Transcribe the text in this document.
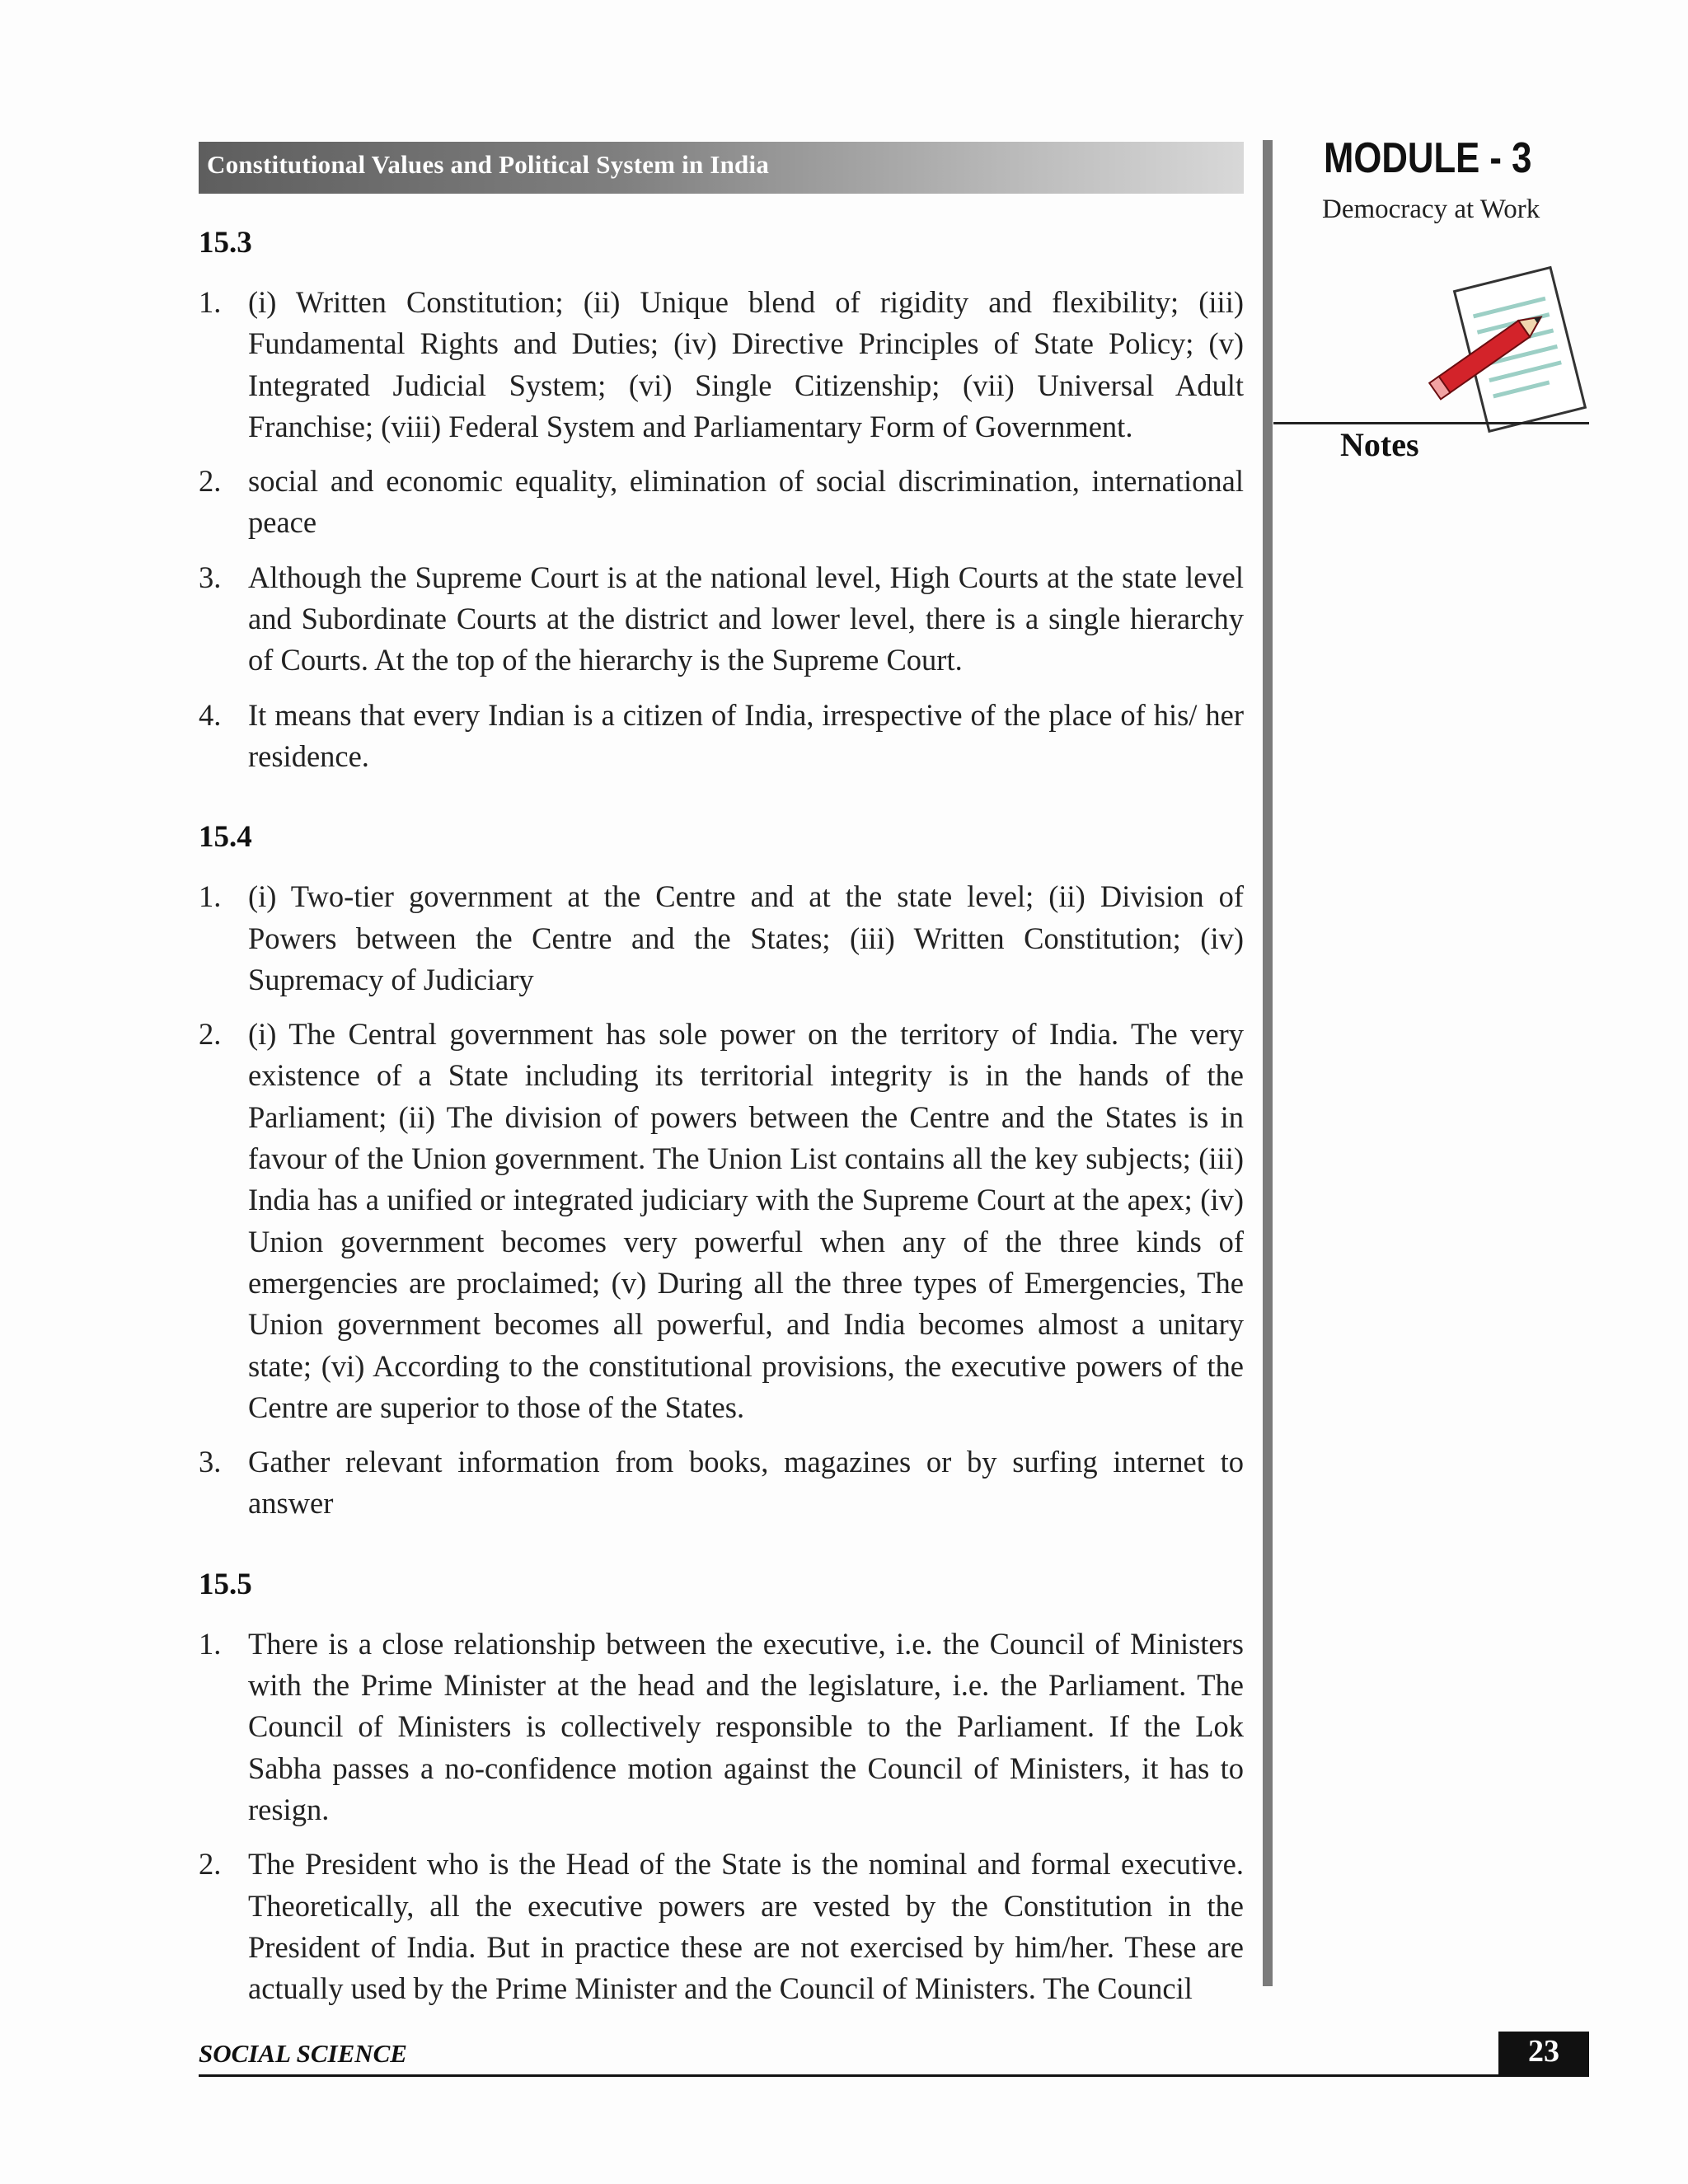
Constitutional Values and Political System in India	MODULE - 3
Democracy at Work
Notes
15.3
1. (i) Written Constitution; (ii) Unique blend of rigidity and flexibility; (iii) Fundamental Rights and Duties; (iv) Directive Principles of State Policy; (v) Integrated Judicial System; (vi) Single Citizenship; (vii) Universal Adult Franchise; (viii) Federal System and Parliamentary Form of Government.
2. social and economic equality, elimination of social discrimination, international peace
3. Although the Supreme Court is at the national level, High Courts at the state level and Subordinate Courts at the district and lower level, there is a single hierarchy of Courts. At the top of the hierarchy is the Supreme Court.
4. It means that every Indian is a citizen of India, irrespective of the place of his/ her residence.
15.4
1. (i) Two-tier government at the Centre and at the state level; (ii) Division of Powers between the Centre and the States; (iii) Written Constitution; (iv) Supremacy of Judiciary
2. (i) The Central government has sole power on the territory of India. The very existence of a State including its territorial integrity is in the hands of the Parliament; (ii) The division of powers between the Centre and the States is in favour of the Union government. The Union List contains all the key subjects; (iii) India has a unified or integrated judiciary with the Supreme Court at the apex; (iv) Union government becomes very powerful when any of the three kinds of emergencies are proclaimed; (v) During all the three types of Emergencies, The Union government becomes all powerful, and India becomes almost a unitary state; (vi) According to the constitutional provisions, the executive powers of the Centre are superior to those of the States.
3. Gather relevant information from books, magazines or by surfing internet to answer
15.5
1. There is a close relationship between the executive, i.e. the Council of Ministers with the Prime Minister at the head and the legislature, i.e. the Parliament. The Council of Ministers is collectively responsible to the Parliament. If the Lok Sabha passes a no-confidence motion against the Council of Ministers, it has to resign.
2. The President who is the Head of the State is the nominal and formal executive. Theoretically, all the executive powers are vested by the Constitution in the President of India. But in practice these are not exercised by him/her. These are actually used by the Prime Minister and the Council of Ministers. The Council
SOCIAL SCIENCE	23
